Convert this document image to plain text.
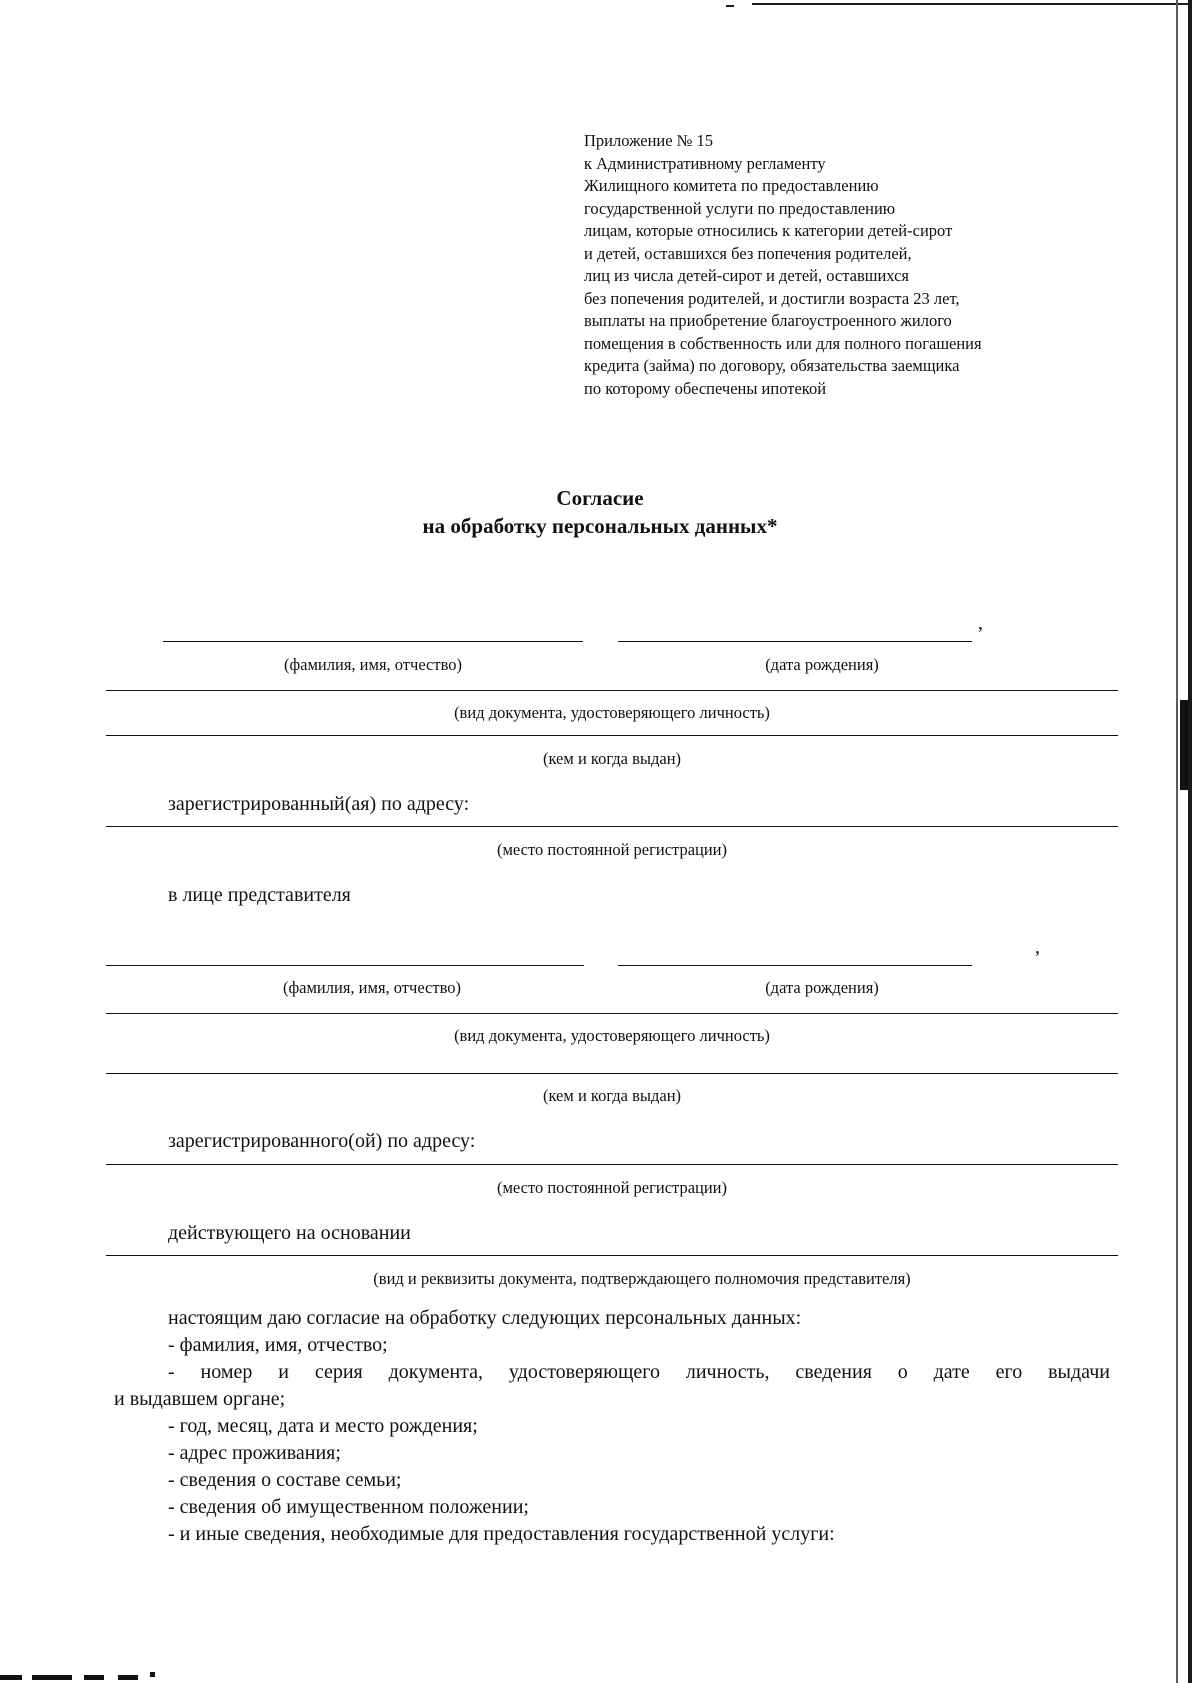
Приложение № 15
к Административному регламенту
Жилищного комитета по предоставлению
государственной услуги по предоставлению
лицам, которые относились к категории детей-сирот
и детей, оставшихся без попечения родителей,
лиц из числа детей-сирот и детей, оставшихся
без попечения родителей, и достигли возраста 23 лет,
выплаты на приобретение благоустроенного жилого
помещения в собственность или для полного погашения
кредита (займа) по договору, обязательства заемщика
по которому обеспечены ипотекой
Согласие
на обработку персональных данных*
,
(фамилия, имя, отчество)	(дата рождения)
(вид документа, удостоверяющего личность)
(кем и когда выдан)
зарегистрированный(ая) по адресу:
(место постоянной регистрации)
в лице представителя
,
(фамилия, имя, отчество)	(дата рождения)
(вид документа, удостоверяющего личность)
(кем и когда выдан)
зарегистрированного(ой) по адресу:
(место постоянной регистрации)
действующего на основании
(вид и реквизиты документа, подтверждающего полномочия представителя)
настоящим даю согласие на обработку следующих персональных данных:
- фамилия, имя, отчество;
- номер и серия документа, удостоверяющего личность, сведения о дате его выдачи
и выдавшем органе;
- год, месяц, дата и место рождения;
- адрес проживания;
- сведения о составе семьи;
- сведения об имущественном положении;
- и иные сведения, необходимые для предоставления государственной услуги:
